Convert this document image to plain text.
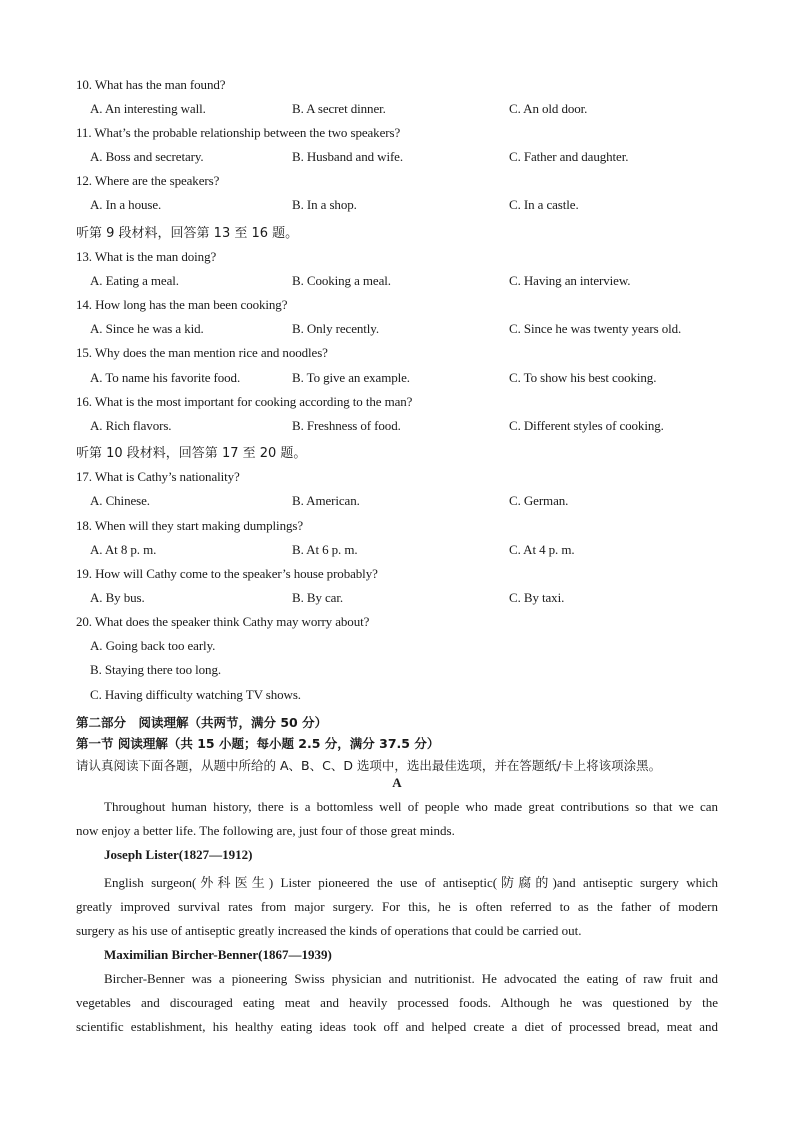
10. What has the man found?
A. An interesting wall.	B. A secret dinner.	C. An old door.
11. What’s the probable relationship between the two speakers?
A. Boss and secretary.	B. Husband and wife.	C. Father and daughter.
12. Where are the speakers?
A. In a house.	B. In a shop.	C. In a castle.
听第 9 段材料，回答第 13 至 16 题。
13. What is the man doing?
A. Eating a meal.	B. Cooking a meal.	C. Having an interview.
14. How long has the man been cooking?
A. Since he was a kid.	B. Only recently.	C. Since he was twenty years old.
15. Why does the man mention rice and noodles?
A. To name his favorite food.	B. To give an example.	C. To show his best cooking.
16. What is the most important for cooking according to the man?
A. Rich flavors.	B. Freshness of food.	C. Different styles of cooking.
听第 10 段材料，回答第 17 至 20 题。
17. What is Cathy’s nationality?
A. Chinese.	B. American.	C. German.
18. When will they start making dumplings?
A. At 8 p. m.	B. At 6 p. m.	C. At 4 p. m.
19. How will Cathy come to the speaker’s house probably?
A. By bus.	B. By car.	C. By taxi.
20. What does the speaker think Cathy may worry about?
A. Going back too early.
B. Staying there too long.
C. Having difficulty watching TV shows.
第二部分　阅读理解（共两节，满分 50 分）
第一节 阅读理解（共 15 小题；每小题 2.5 分，满分 37.5 分）
请认真阅读下面各题，从题中所给的 A、B、C、D 选项中，选出最佳选项，并在答题纸/卡上将该项涂黑。
A
Throughout human history, there is a bottomless well of people who made great contributions so that we can
now enjoy a better life. The following are, just four of those great minds.
Joseph Lister(1827—1912)
English surgeon(外科医生) Lister pioneered the use of antiseptic(防腐的)and antiseptic surgery which
greatly improved survival rates from major surgery. For this, he is often referred to as the father of modern
surgery as his use of antiseptic greatly increased the kinds of operations that could be carried out.
Maximilian Bircher-Benner(1867—1939)
Bircher-Benner was a pioneering Swiss physician and nutritionist. He advocated the eating of raw fruit and
vegetables and discouraged eating meat and heavily processed foods. Although he was questioned by the
scientific establishment, his healthy eating ideas took off and helped create a diet of processed bread, meat and
